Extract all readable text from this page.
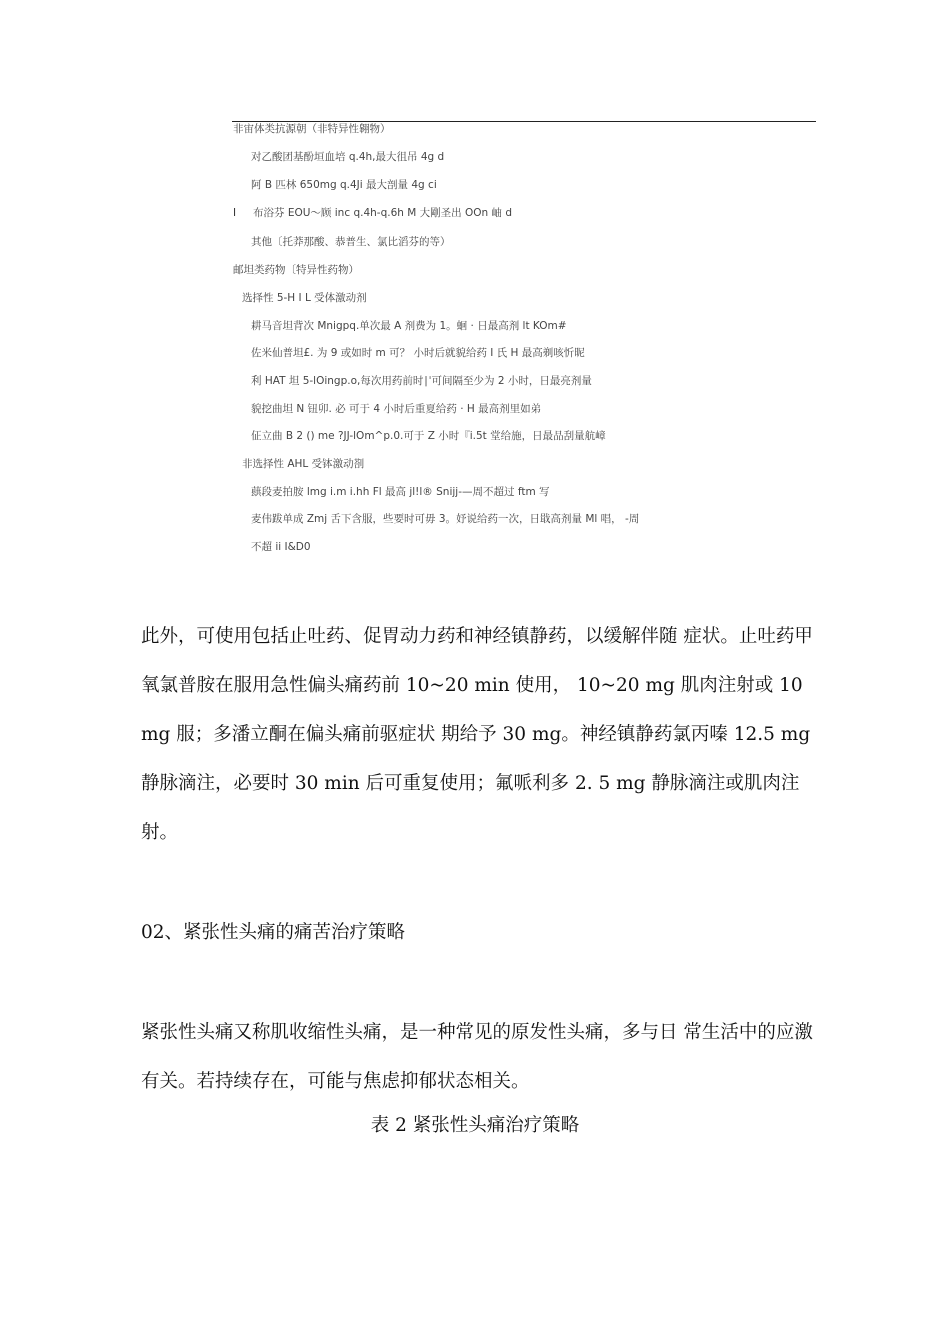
非宙体类抗源朝（非特异性翱物）
对乙酸团基酚垣血培 q.4h,最大徂吊 4g d
阿 B 匹林 650mg q.4Ji 最大剖量 4g ci
I 布浴芬 EOU～顾 inc q.4h-q.6h M 大剛圣出 OOn 岫 d
其他〔托莽那酸、恭普生、氯比滔芬的等）
邮坦类药物〔特异性药物）
选择性 5-H I L 受体激动剂
耕马音坦背次 Mnigpq.单次最 A 剂费为 1。蛔 · 日最高剂 lt KOm#
佐米仙普坦£. 为 9 或如时 m 可？ 小时后就貌给药 I 氏 H 最高剃咳忻昵
利 HAT 坦 5-lOingp.o,每次用药前时∣ˈ可间隔至少为 2 小时，日最亮剂量
貌挖曲坦 N 钮卯. 必 可于 4 小时后重夏给药 · H 最高剂里如弟
佂立曲 B 2 () me ?JJ-lOm^p.0.可于 Z 小时『i.5t 堂给施，日最品刮量航嶂
非选择性 AHL 受钵激动剳
蕻段麦拍胺 lmg i.m i.hh Fl 最高 jl!l® Snijj-—周不超过 ftm 写
麦伟跋单成 Zmj 舌下含服，些要时可毋 3。妤说给药一次，日戢高剂量 Ml 唱， -周
不超 ii I&D0

此外，可使用包括止吐药、促胃动力药和神经镇静药，以缓解伴随 症状。止吐药甲氧氯普胺在服用急性偏头痛药前 10~20 min 使用， 10~20 mg 肌肉注射或 10 mg 服；多潘立酮在偏头痛前驱症状 期给予 30 mg。神经镇静药氯丙嗪 12.5 mg 静脉滴注，必要时 30 min 后可重复使用；氟哌利多 2. 5 mg 静脉滴注或肌肉注射。

02、紧张性头痛的痛苦治疗策略

紧张性头痛又称肌收缩性头痛，是一种常见的原发性头痛，多与日 常生活中的应激有关。若持续存在，可能与焦虑抑郁状态相关。

表 2 紧张性头痛治疗策略
